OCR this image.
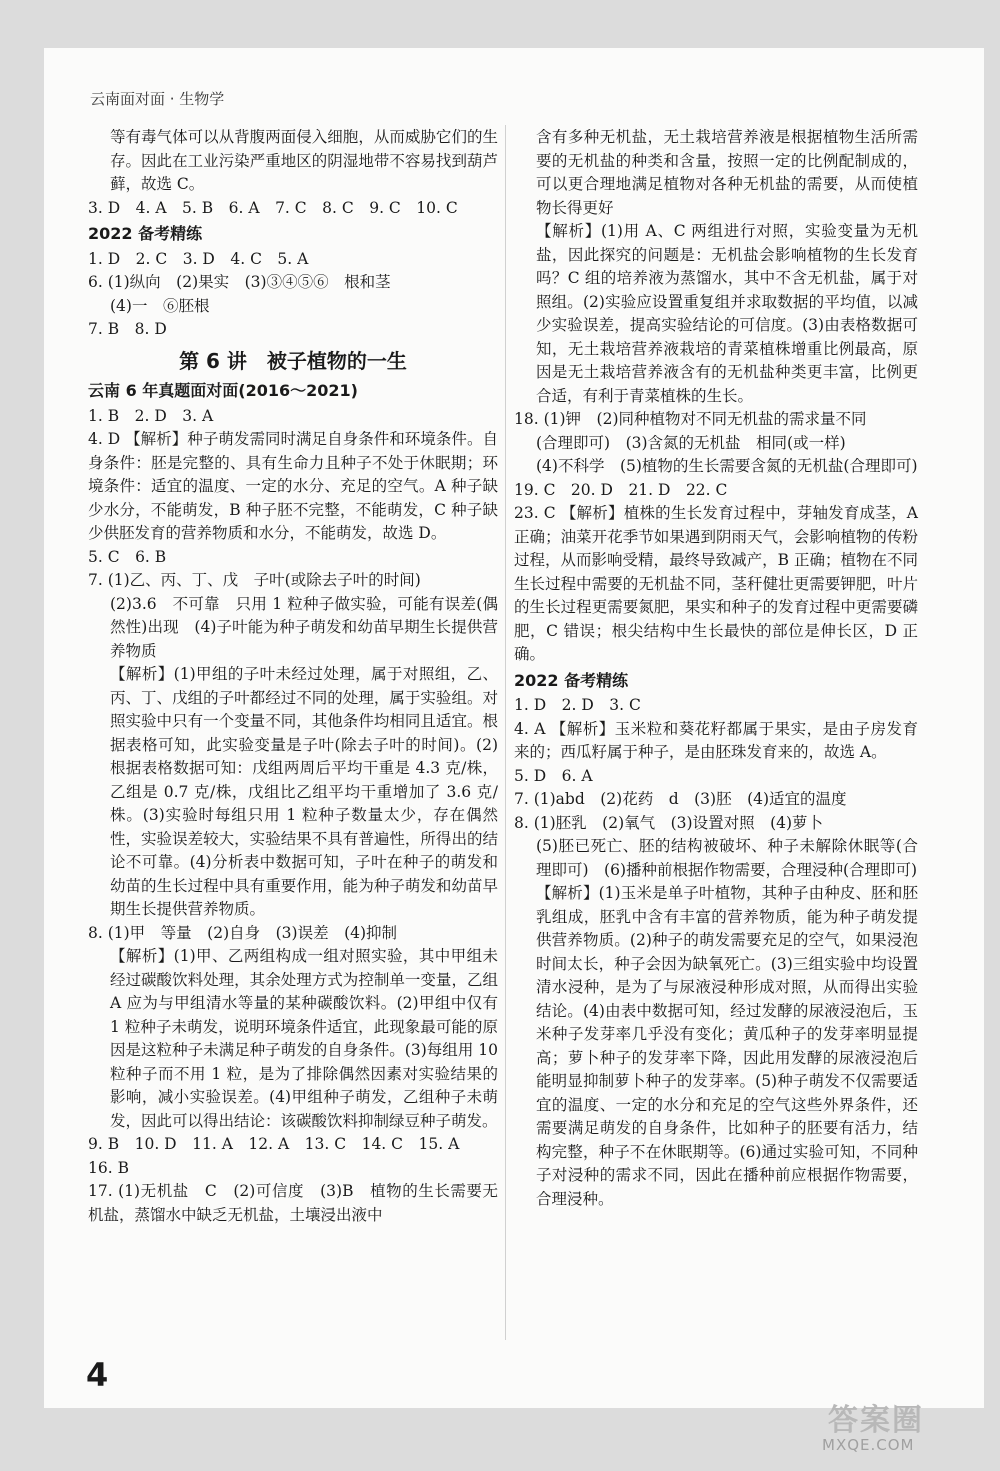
云南面对面 · 生物学

等有毒气体可以从背腹两面侵入细胞，从而威胁它们的生存。因此在工业污染严重地区的阴湿地带不容易找到葫芦藓，故选 C。

3. D　4. A　5. B　6. A　7. C　8. C　9. C　10. C

2022 备考精练

1. D　2. C　3. D　4. C　5. A

6. (1)纵向　(2)果实　(3)③④⑤⑥　根和茎

(4)一　⑥胚根

7. B　8. D

第 6 讲　被子植物的一生

云南 6 年真题面对面(2016～2021)

1. B　2. D　3. A

4. D 【解析】种子萌发需同时满足自身条件和环境条件。自身条件：胚是完整的、具有生命力且种子不处于休眠期；环境条件：适宜的温度、一定的水分、充足的空气。A 种子缺少水分，不能萌发，B 种子胚不完整，不能萌发，C 种子缺少供胚发育的营养物质和水分，不能萌发，故选 D。

5. C　6. B

7. (1)乙、丙、丁、戊　子叶(或除去子叶的时间)

(2)3.6　不可靠　只用 1 粒种子做实验，可能有误差(偶然性)出现　(4)子叶能为种子萌发和幼苗早期生长提供营养物质

【解析】(1)甲组的子叶未经过处理，属于对照组，乙、丙、丁、戊组的子叶都经过不同的处理，属于实验组。对照实验中只有一个变量不同，其他条件均相同且适宜。根据表格可知，此实验变量是子叶(除去子叶的时间)。(2)根据表格数据可知：戊组两周后平均干重是 4.3 克/株，乙组是 0.7 克/株，戊组比乙组平均干重增加了 3.6 克/株。(3)实验时每组只用 1 粒种子数量太少，存在偶然性，实验误差较大，实验结果不具有普遍性，所得出的结论不可靠。(4)分析表中数据可知，子叶在种子的萌发和幼苗的生长过程中具有重要作用，能为种子萌发和幼苗早期生长提供营养物质。

8. (1)甲　等量　(2)自身　(3)误差　(4)抑制

【解析】(1)甲、乙两组构成一组对照实验，其中甲组未经过碳酸饮料处理，其余处理方式为控制单一变量，乙组 A 应为与甲组清水等量的某种碳酸饮料。(2)甲组中仅有 1 粒种子未萌发，说明环境条件适宜，此现象最可能的原因是这粒种子未满足种子萌发的自身条件。(3)每组用 10 粒种子而不用 1 粒，是为了排除偶然因素对实验结果的影响，减小实验误差。(4)甲组种子萌发，乙组种子未萌发，因此可以得出结论：该碳酸饮料抑制绿豆种子萌发。

9. B　10. D　11. A　12. A　13. C　14. C　15. A

16. B

17. (1)无机盐　C　(2)可信度　(3)B　植物的生长需要无机盐，蒸馏水中缺乏无机盐，土壤浸出液中

含有多种无机盐，无土栽培营养液是根据植物生活所需要的无机盐的种类和含量，按照一定的比例配制成的，可以更合理地满足植物对各种无机盐的需要，从而使植物长得更好

【解析】(1)用 A、C 两组进行对照，实验变量为无机盐，因此探究的问题是：无机盐会影响植物的生长发育吗？C 组的培养液为蒸馏水，其中不含无机盐，属于对照组。(2)实验应设置重复组并求取数据的平均值，以减少实验误差，提高实验结论的可信度。(3)由表格数据可知，无土栽培营养液栽培的青菜植株增重比例最高，原因是无土栽培营养液含有的无机盐种类更丰富，比例更合适，有利于青菜植株的生长。

18. (1)钾　(2)同种植物对不同无机盐的需求量不同

(合理即可)　(3)含氮的无机盐　相同(或一样)

(4)不科学　(5)植物的生长需要含氮的无机盐(合理即可)

19. C　20. D　21. D　22. C

23. C 【解析】植株的生长发育过程中，芽轴发育成茎，A 正确；油菜开花季节如果遇到阴雨天气，会影响植物的传粉过程，从而影响受精，最终导致减产，B 正确；植物在不同生长过程中需要的无机盐不同，茎秆健壮更需要钾肥，叶片的生长过程更需要氮肥，果实和种子的发育过程中更需要磷肥，C 错误；根尖结构中生长最快的部位是伸长区，D 正确。

2022 备考精练

1. D　2. D　3. C

4. A 【解析】玉米粒和葵花籽都属于果实，是由子房发育来的；西瓜籽属于种子，是由胚珠发育来的，故选 A。

5. D　6. A

7. (1)abd　(2)花药　d　(3)胚　(4)适宜的温度

8. (1)胚乳　(2)氧气　(3)设置对照　(4)萝卜

(5)胚已死亡、胚的结构被破坏、种子未解除休眠等(合理即可)　(6)播种前根据作物需要，合理浸种(合理即可)

【解析】(1)玉米是单子叶植物，其种子由种皮、胚和胚乳组成，胚乳中含有丰富的营养物质，能为种子萌发提供营养物质。(2)种子的萌发需要充足的空气，如果浸泡时间太长，种子会因为缺氧死亡。(3)三组实验中均设置清水浸种，是为了与尿液浸种形成对照，从而得出实验结论。(4)由表中数据可知，经过发酵的尿液浸泡后，玉米种子发芽率几乎没有变化；黄瓜种子的发芽率明显提高；萝卜种子的发芽率下降，因此用发酵的尿液浸泡后能明显抑制萝卜种子的发芽率。(5)种子萌发不仅需要适宜的温度、一定的水分和充足的空气这些外界条件，还需要满足萌发的自身条件，比如种子的胚要有活力，结构完整，种子不在休眠期等。(6)通过实验可知，不同种子对浸种的需求不同，因此在播种前应根据作物需要，合理浸种。

4
答案圈
MXQE.COM
